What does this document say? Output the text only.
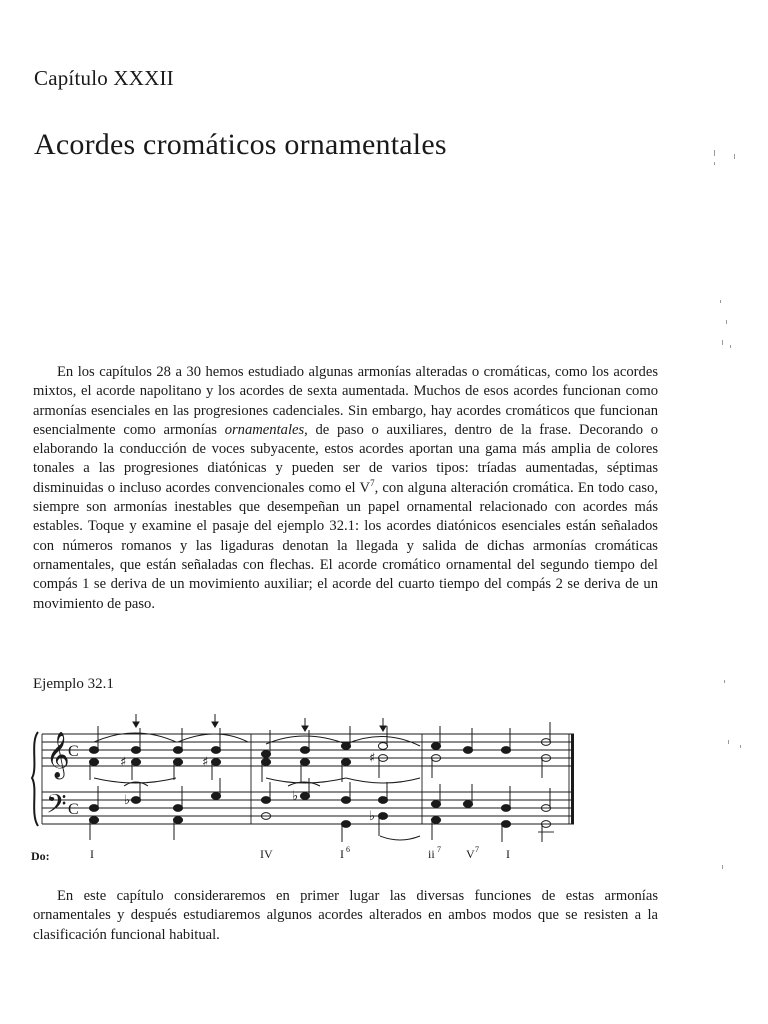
Capítulo XXXII
Acordes cromáticos ornamentales

En los capítulos 28 a 30 hemos estudiado algunas armonías alteradas o cromáticas, como los acordes mixtos, el acorde napolitano y los acordes de sexta aumentada. Muchos de esos acordes funcionan como armonías esenciales en las progresiones cadenciales. Sin embargo, hay acordes cromáticos que funcionan esencialmente como armonías ornamentales, de paso o auxiliares, dentro de la frase. Decorando o elaborando la conducción de voces subyacente, estos acordes aportan una gama más amplia de colores tonales a las progresiones diatónicas y pueden ser de varios tipos: tríadas aumentadas, séptimas disminuidas o incluso acordes convencionales como el $V^7$, con alguna alteración cromática. En todo caso, siempre son armonías inestables que desempeñan un papel ornamental relacionado con acordes más estables. Toque y examine el pasaje del ejemplo 32.1: los acordes diatónicos esenciales están señalados con números romanos y las ligaduras denotan la llegada y salida de dichas armonías cromáticas ornamentales, que están señaladas con flechas. El acorde cromático ornamental del segundo tiempo del compás 1 se deriva de un movimiento auxiliar; el acorde del cuarto tiempo del compás 2 se deriva de un movimiento de paso.

Ejemplo 32.1
𝄞
𝄢
C
C
♯	♯	♯
♭	♭
♭
Do:	I	IV	I 6	ii 7 V 7 I

En este capítulo consideraremos en primer lugar las diversas funciones de estas armonías ornamentales y después estudiaremos algunos acordes alterados en ambos modos que se resisten a la clasificación funcional habitual.
